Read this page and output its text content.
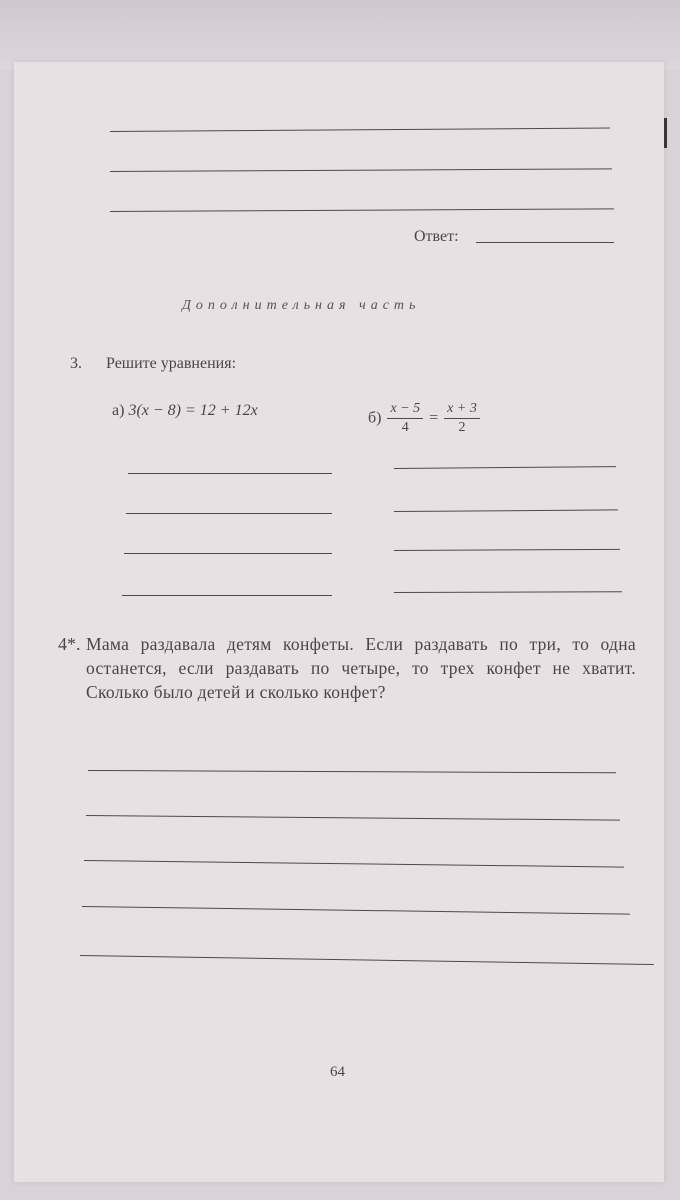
Ответ:
Дополнительная часть
3. Решите уравнения:
а) 3(x − 8) = 12 + 12x	$б) \frac{x - 5}{4} = \frac{x + 3}{2}$
4*. Мама раздавала детям конфеты. Если раздавать по три, то одна останется, если раздавать по четыре, то трех конфет не хватит. Сколько было детей и сколько конфет?
64
